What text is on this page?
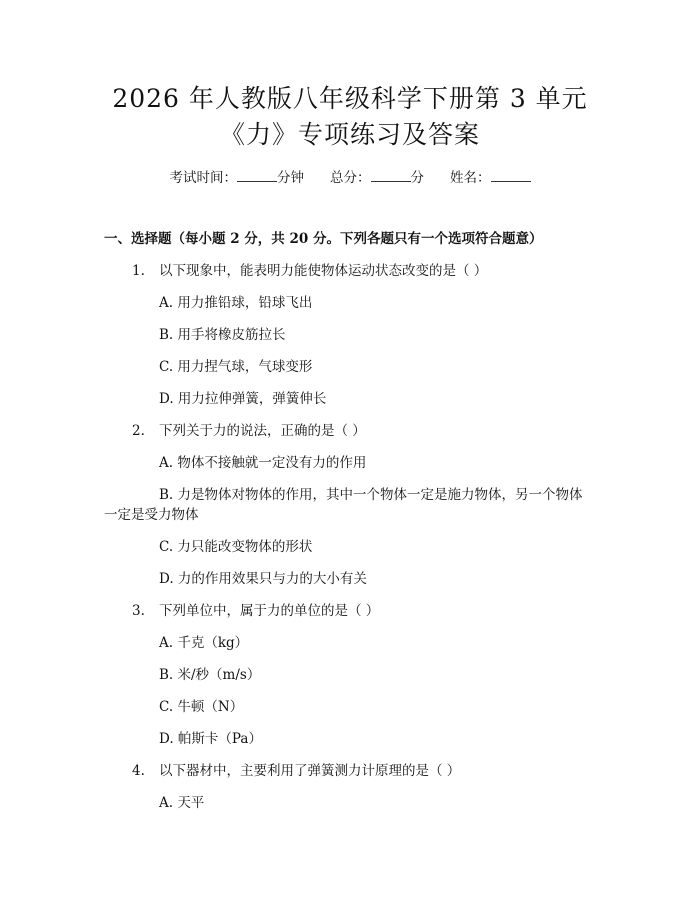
2026 年人教版八年级科学下册第 3 单元
《力》专项练习及答案
考试时间：	分钟 总分：	分 姓名：
一、选择题（每小题 2 分，共 20 分。下列各题只有一个选项符合题意）
1. 以下现象中，能表明力能使物体运动状态改变的是（ ）
A. 用力推铅球，铅球飞出
B. 用手将橡皮筋拉长
C. 用力捏气球，气球变形
D. 用力拉伸弹簧，弹簧伸长
2. 下列关于力的说法，正确的是（ ）
A. 物体不接触就一定没有力的作用
B. 力是物体对物体的作用，其中一个物体一定是施力物体，另一个物体
一定是受力物体
C. 力只能改变物体的形状
D. 力的作用效果只与力的大小有关
3. 下列单位中，属于力的单位的是（ ）
A. 千克（kg）
B. 米/秒（m/s）
C. 牛顿（N）
D. 帕斯卡（Pa）
4. 以下器材中，主要利用了弹簧测力计原理的是（ ）
A. 天平
